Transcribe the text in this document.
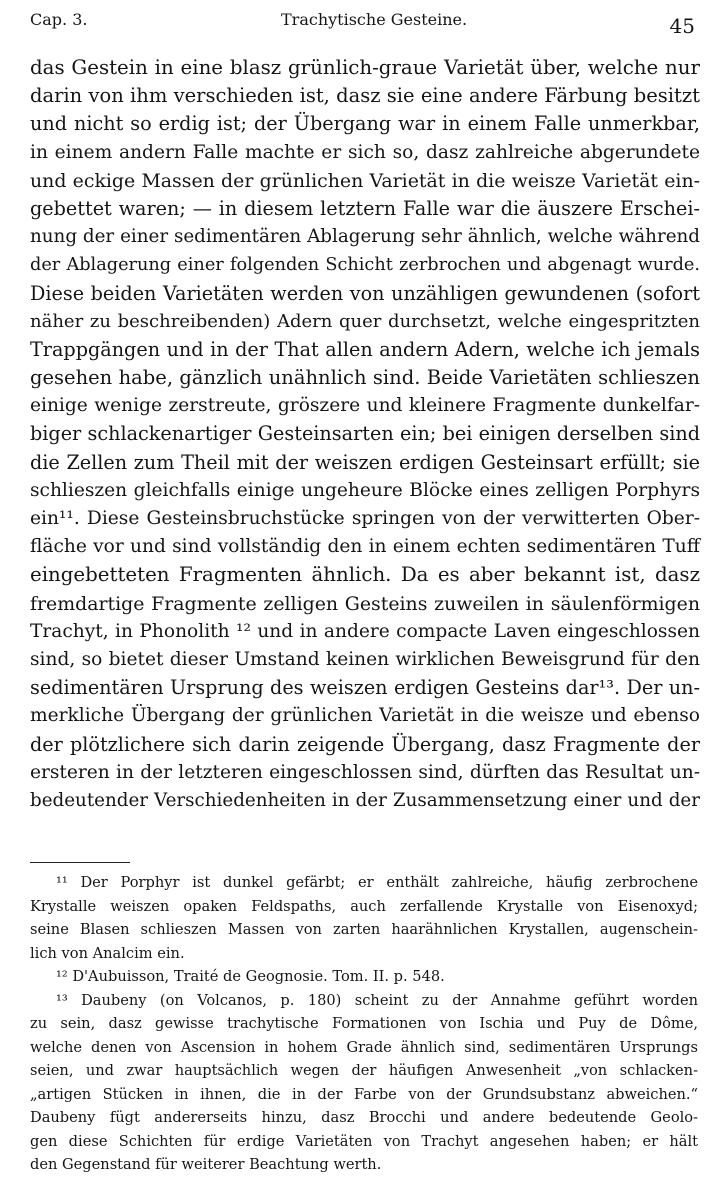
Cap. 3.	Trachytische Gesteine.	45
das Gestein in eine blasz grünlich-graue Varietät über, welche nur
darin von ihm verschieden ist, dasz sie eine andere Färbung besitzt
und nicht so erdig ist; der Übergang war in einem Falle unmerkbar,
in einem andern Falle machte er sich so, dasz zahlreiche abgerundete
und eckige Massen der grünlichen Varietät in die weisze Varietät ein-
gebettet waren; — in diesem letztern Falle war die äuszere Erschei-
nung der einer sedimentären Ablagerung sehr ähnlich, welche während
der Ablagerung einer folgenden Schicht zerbrochen und abgenagt wurde.
Diese beiden Varietäten werden von unzähligen gewundenen (sofort
näher zu beschreibenden) Adern quer durchsetzt, welche eingespritzten
Trappgängen und in der That allen andern Adern, welche ich jemals
gesehen habe, gänzlich unähnlich sind. Beide Varietäten schlieszen
einige wenige zerstreute, gröszere und kleinere Fragmente dunkelfar-
biger schlackenartiger Gesteinsarten ein; bei einigen derselben sind
die Zellen zum Theil mit der weiszen erdigen Gesteinsart erfüllt; sie
schlieszen gleichfalls einige ungeheure Blöcke eines zelligen Porphyrs
ein¹¹. Diese Gesteinsbruchstücke springen von der verwitterten Ober-
fläche vor und sind vollständig den in einem echten sedimentären Tuff
eingebetteten Fragmenten ähnlich. Da es aber bekannt ist, dasz
fremdartige Fragmente zelligen Gesteins zuweilen in säulenförmigen
Trachyt, in Phonolith ¹² und in andere compacte Laven eingeschlossen
sind, so bietet dieser Umstand keinen wirklichen Beweisgrund für den
sedimentären Ursprung des weiszen erdigen Gesteins dar¹³. Der un-
merkliche Übergang der grünlichen Varietät in die weisze und ebenso
der plötzlichere sich darin zeigende Übergang, dasz Fragmente der
ersteren in der letzteren eingeschlossen sind, dürften das Resultat un-
bedeutender Verschiedenheiten in der Zusammensetzung einer und der
¹¹ Der Porphyr ist dunkel gefärbt; er enthält zahlreiche, häufig zerbrochene
Krystalle weiszen opaken Feldspaths, auch zerfallende Krystalle von Eisenoxyd;
seine Blasen schlieszen Massen von zarten haarähnlichen Krystallen, augenschein-
lich von Analcim ein.
¹² D'Aubuisson, Traité de Geognosie. Tom. II. p. 548.
¹³ Daubeny (on Volcanos, p. 180) scheint zu der Annahme geführt worden
zu sein, dasz gewisse trachytische Formationen von Ischia und Puy de Dôme,
welche denen von Ascension in hohem Grade ähnlich sind, sedimentären Ursprungs
seien, und zwar hauptsächlich wegen der häufigen Anwesenheit „von schlacken-
„artigen Stücken in ihnen, die in der Farbe von der Grundsubstanz abweichen.“
Daubeny fügt andererseits hinzu, dasz Brocchi und andere bedeutende Geolo-
gen diese Schichten für erdige Varietäten von Trachyt angesehen haben; er hält
den Gegenstand für weiterer Beachtung werth.
